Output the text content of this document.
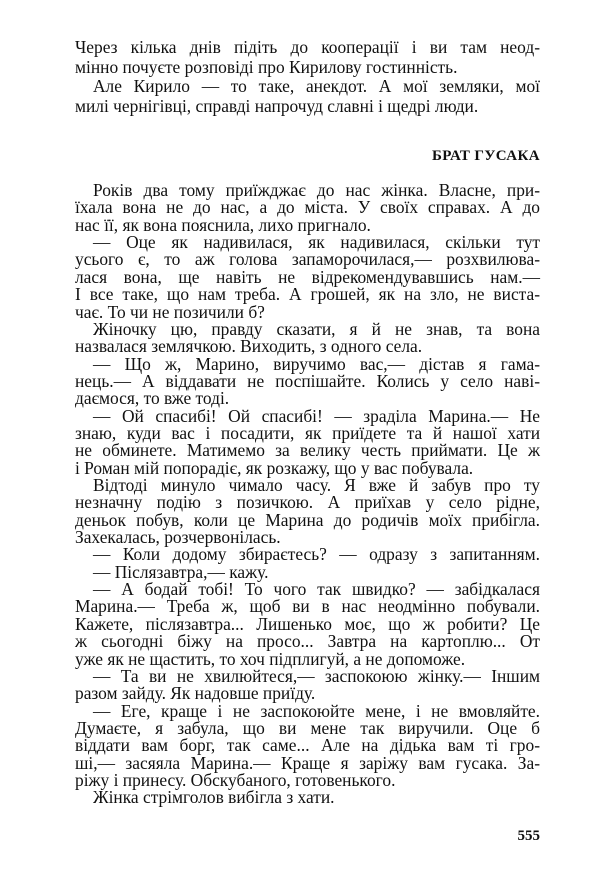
Через кілька днів підіть до кооперації і ви там неод-

мінно почуєте розповіді про Кирилову гостинність.

Але Кирило — то таке, анекдот. А мої земляки, мої

милі чернігівці, справді напрочуд славні і щедрі люди.

БРАТ ГУСАКА

Років два тому приїжджає до нас жінка. Власне, при-

їхала вона не до нас, а до міста. У своїх справах. А до

нас її, як вона пояснила, лихо пригнало.

— Оце як надивилася, як надивилася, скільки тут

усього є, то аж голова запаморочилася,— розхвилюва-

лася вона, ще навіть не відрекомендувавшись нам.—

І все таке, що нам треба. А грошей, як на зло, не виста-

чає. То чи не позичили б?

Жіночку цю, правду сказати, я й не знав, та вона

назвалася землячкою. Виходить, з одного села.

— Що ж, Марино, виручимо вас,— дістав я гама-

нець.— А віддавати не поспішайте. Колись у село наві-

даємося, то вже тоді.

— Ой спасибі! Ой спасибі! — зраділа Марина.— Не

знаю, куди вас і посадити, як приїдете та й нашої хати

не обминете. Матимемо за велику честь приймати. Це ж

і Роман мій попорадіє, як розкажу, що у вас побувала.

Відтоді минуло чимало часу. Я вже й забув про ту

незначну подію з позичкою. А приїхав у село рідне,

деньок побув, коли це Марина до родичів моїх прибігла.

Захекалась, розчервонілась.

— Коли додому збираєтесь? — одразу з запитанням.

— Післязавтра,— кажу.

— А бодай тобі! То чого так швидко? — забідкалася

Марина.— Треба ж, щоб ви в нас неодмінно побували.

Кажете, післязавтра... Лишенько моє, що ж робити? Це

ж сьогодні біжу на просо... Завтра на картоплю... От

уже як не щастить, то хоч підплигуй, а не допоможе.

— Та ви не хвилюйтеся,— заспокоюю жінку.— Іншим

разом зайду. Як надовше приїду.

— Еге, краще і не заспокоюйте мене, і не вмовляйте.

Думаєте, я забула, що ви мене так виручили. Оце б

віддати вам борг, так саме... Але на дідька вам ті гро-

ші,— засяяла Марина.— Краще я заріжу вам гусака. За-

ріжу і принесу. Обскубаного, готовенького.

Жінка стрімголов вибігла з хати.

555
